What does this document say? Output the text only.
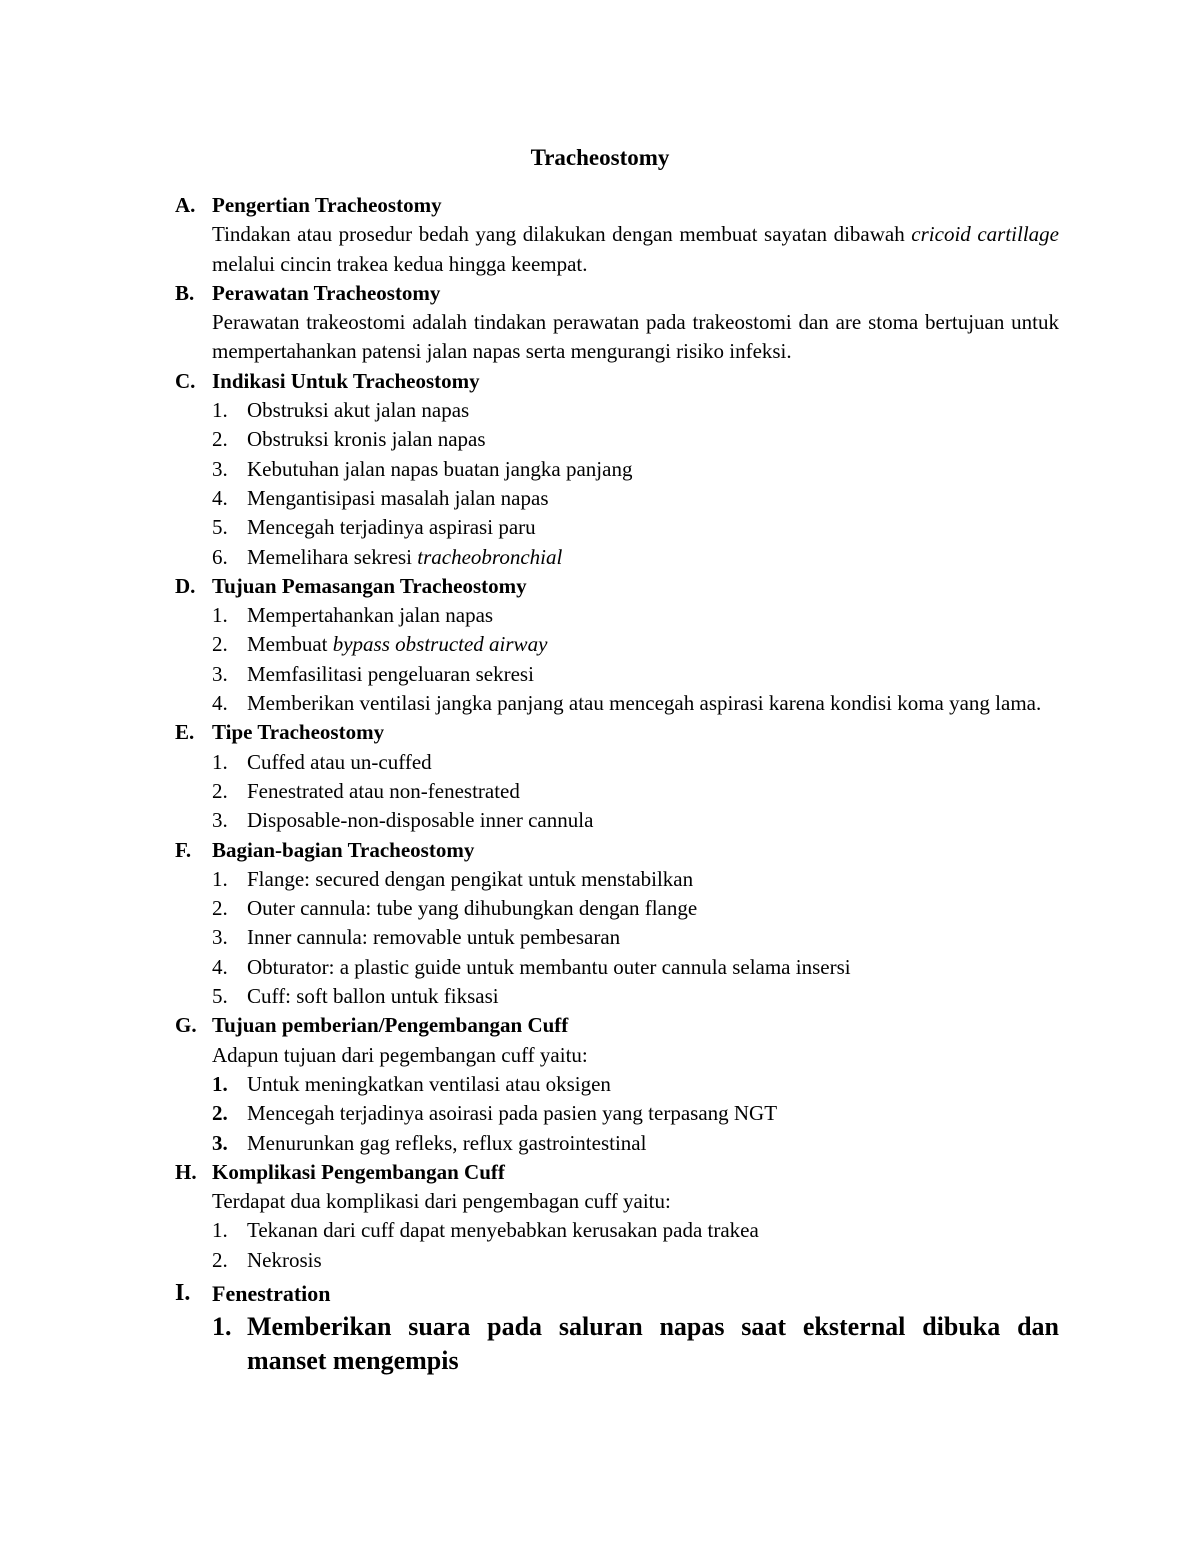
Tracheostomy
A. Pengertian Tracheostomy
Tindakan atau prosedur bedah yang dilakukan dengan membuat sayatan dibawah cricoid cartillage melalui cincin trakea kedua hingga keempat.
B. Perawatan Tracheostomy
Perawatan trakeostomi adalah tindakan perawatan pada trakeostomi dan are stoma bertujuan untuk mempertahankan patensi jalan napas serta mengurangi risiko infeksi.
C. Indikasi Untuk Tracheostomy
1. Obstruksi akut jalan napas
2. Obstruksi kronis jalan napas
3. Kebutuhan jalan napas buatan jangka panjang
4. Mengantisipasi masalah jalan napas
5. Mencegah terjadinya aspirasi paru
6. Memelihara sekresi tracheobronchial
D. Tujuan Pemasangan Tracheostomy
1. Mempertahankan jalan napas
2. Membuat bypass obstructed airway
3. Memfasilitasi pengeluaran sekresi
4. Memberikan ventilasi jangka panjang atau mencegah aspirasi karena kondisi koma yang lama.
E. Tipe Tracheostomy
1. Cuffed atau un-cuffed
2. Fenestrated atau non-fenestrated
3. Disposable-non-disposable inner cannula
F. Bagian-bagian Tracheostomy
1. Flange: secured dengan pengikat untuk menstabilkan
2. Outer cannula: tube yang dihubungkan dengan flange
3. Inner cannula: removable untuk pembesaran
4. Obturator: a plastic guide untuk membantu outer cannula selama insersi
5. Cuff: soft ballon untuk fiksasi
G. Tujuan pemberian/Pengembangan Cuff
Adapun tujuan dari pegembangan cuff yaitu:
1. Untuk meningkatkan ventilasi atau oksigen
2. Mencegah terjadinya asoirasi pada pasien yang terpasang NGT
3. Menurunkan gag refleks, reflux gastrointestinal
H. Komplikasi Pengembangan Cuff
Terdapat dua komplikasi dari pengembagan cuff yaitu:
1. Tekanan dari cuff dapat menyebabkan kerusakan pada trakea
2. Nekrosis
I. Fenestration
1. Memberikan suara pada saluran napas saat eksternal dibuka dan manset mengempis
